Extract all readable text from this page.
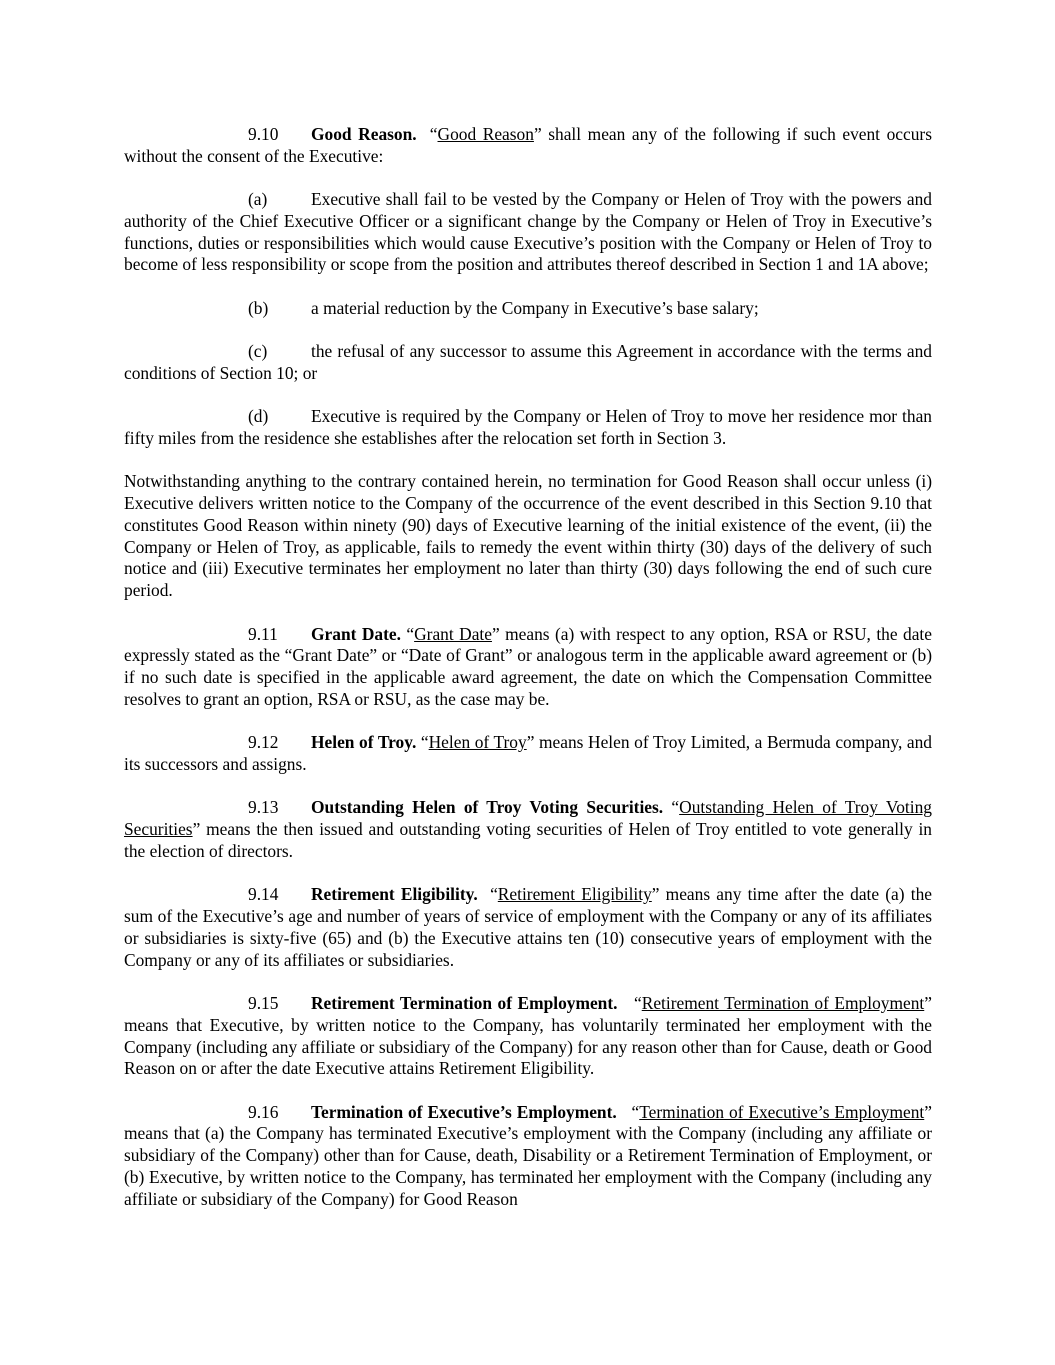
9.10 Good Reason.  “Good Reason” shall mean any of the following if such event occurs without the consent of the Executive:

(a)	Executive shall fail to be vested by the Company or Helen of Troy with the powers and authority of the Chief Executive Officer or a significant change by the Company or Helen of Troy in Executive’s functions, duties or responsibilities which would cause Executive’s position with the Company or Helen of Troy to become of less responsibility or scope from the position and attributes thereof described in Section 1 and 1A above;

(b) a material reduction by the Company in Executive’s base salary;

(c)	the refusal of any successor to assume this Agreement in accordance with the terms and conditions of Section 10; or

(d) Executive is required by the Company or Helen of Troy to move her residence mor than fifty miles from the residence she establishes after the relocation set forth in Section 3.

Notwithstanding anything to the contrary contained herein, no termination for Good Reason shall occur unless (i) Executive delivers written notice to the Company of the occurrence of the event described in this Section 9.10 that constitutes Good Reason within ninety (90) days of Executive learning of the initial existence of the event, (ii) the Company or Helen of Troy, as applicable, fails to remedy the event within thirty (30) days of the delivery of such notice and (iii) Executive terminates her employment no later than thirty (30) days following the end of such cure period.

9.11 Grant Date. “Grant Date” means (a) with respect to any option, RSA or RSU, the date expressly stated as the “Grant Date” or “Date of Grant” or analogous term in the applicable award agreement or (b) if no such date is specified in the applicable award agreement, the date on which the Compensation Committee resolves to grant an option, RSA or RSU, as the case may be.

9.12 Helen of Troy. “Helen of Troy” means Helen of Troy Limited, a Bermuda company, and its successors and assigns.

9.13 Outstanding Helen of Troy Voting Securities. “Outstanding Helen of Troy Voting Securities” means the then issued and outstanding voting securities of Helen of Troy entitled to vote generally in the election of directors.

9.14 Retirement Eligibility.  “Retirement Eligibility” means any time after the date (a) the sum of the Executive’s age and number of years of service of employment with the Company or any of its affiliates or subsidiaries is sixty-five (65) and (b) the Executive attains ten (10) consecutive years of employment with the Company or any of its affiliates or subsidiaries.

9.15 Retirement Termination of Employment.   “Retirement Termination of Employment” means that Executive, by written notice to the Company, has voluntarily terminated her employment with the Company (including any affiliate or subsidiary of the Company) for any reason other than for Cause, death or Good Reason on or after the date Executive attains Retirement Eligibility.

9.16 Termination of Executive’s Employment.   “Termination of Executive’s Employment” means that (a) the Company has terminated Executive’s employment with the Company (including any affiliate or subsidiary of the Company) other than for Cause, death, Disability or a Retirement Termination of Employment, or (b) Executive, by written notice to the Company, has terminated her employment with the Company (including any affiliate or subsidiary of the Company) for Good Reason
